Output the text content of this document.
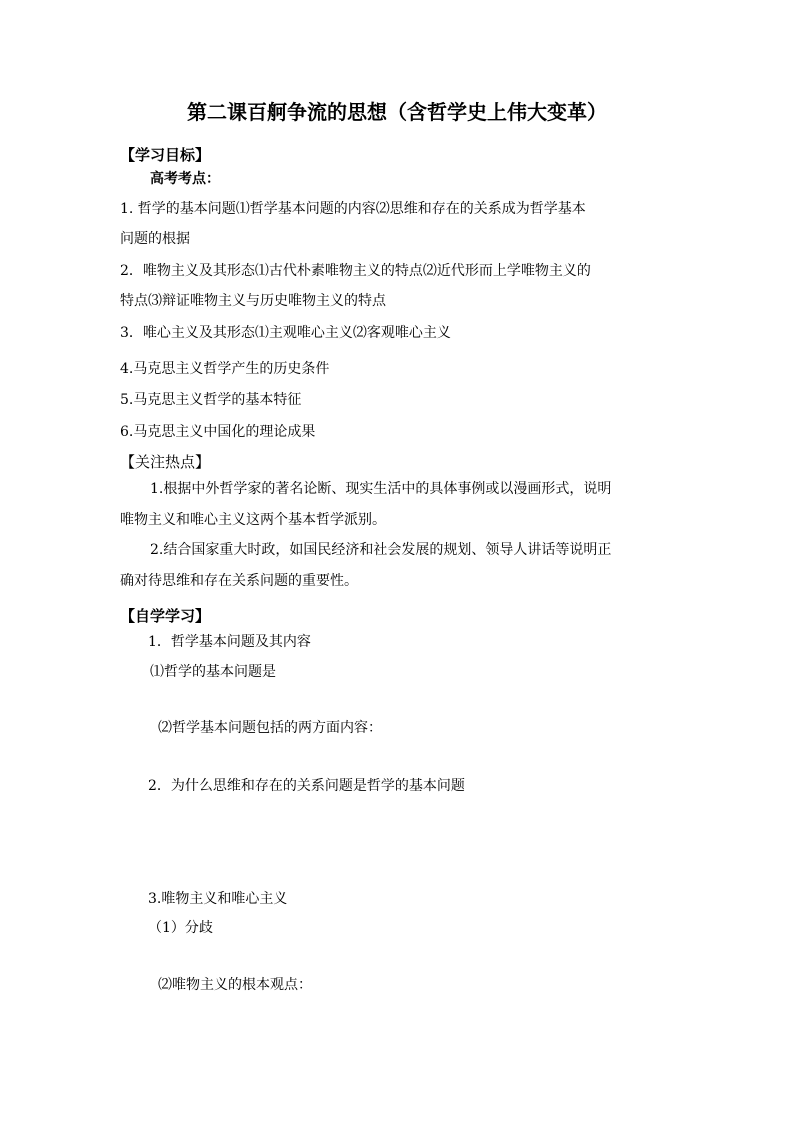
第二课百舸争流的思想（含哲学史上伟大变革）
【学习目标】
高考考点：
1. 哲学的基本问题⑴哲学基本问题的内容⑵思维和存在的关系成为哲学基本
问题的根据
2．唯物主义及其形态⑴古代朴素唯物主义的特点⑵近代形而上学唯物主义的
特点⑶辩证唯物主义与历史唯物主义的特点
3．唯心主义及其形态⑴主观唯心主义⑵客观唯心主义
4.马克思主义哲学产生的历史条件
5.马克思主义哲学的基本特征
6.马克思主义中国化的理论成果
【关注热点】
1.根据中外哲学家的著名论断、现实生活中的具体事例或以漫画形式，说明
唯物主义和唯心主义这两个基本哲学派别。
2.结合国家重大时政，如国民经济和社会发展的规划、领导人讲话等说明正
确对待思维和存在关系问题的重要性。
【自学学习】
1．哲学基本问题及其内容
⑴哲学的基本问题是
⑵哲学基本问题包括的两方面内容：
2．为什么思维和存在的关系问题是哲学的基本问题
3.唯物主义和唯心主义
（1）分歧
⑵唯物主义的根本观点：
